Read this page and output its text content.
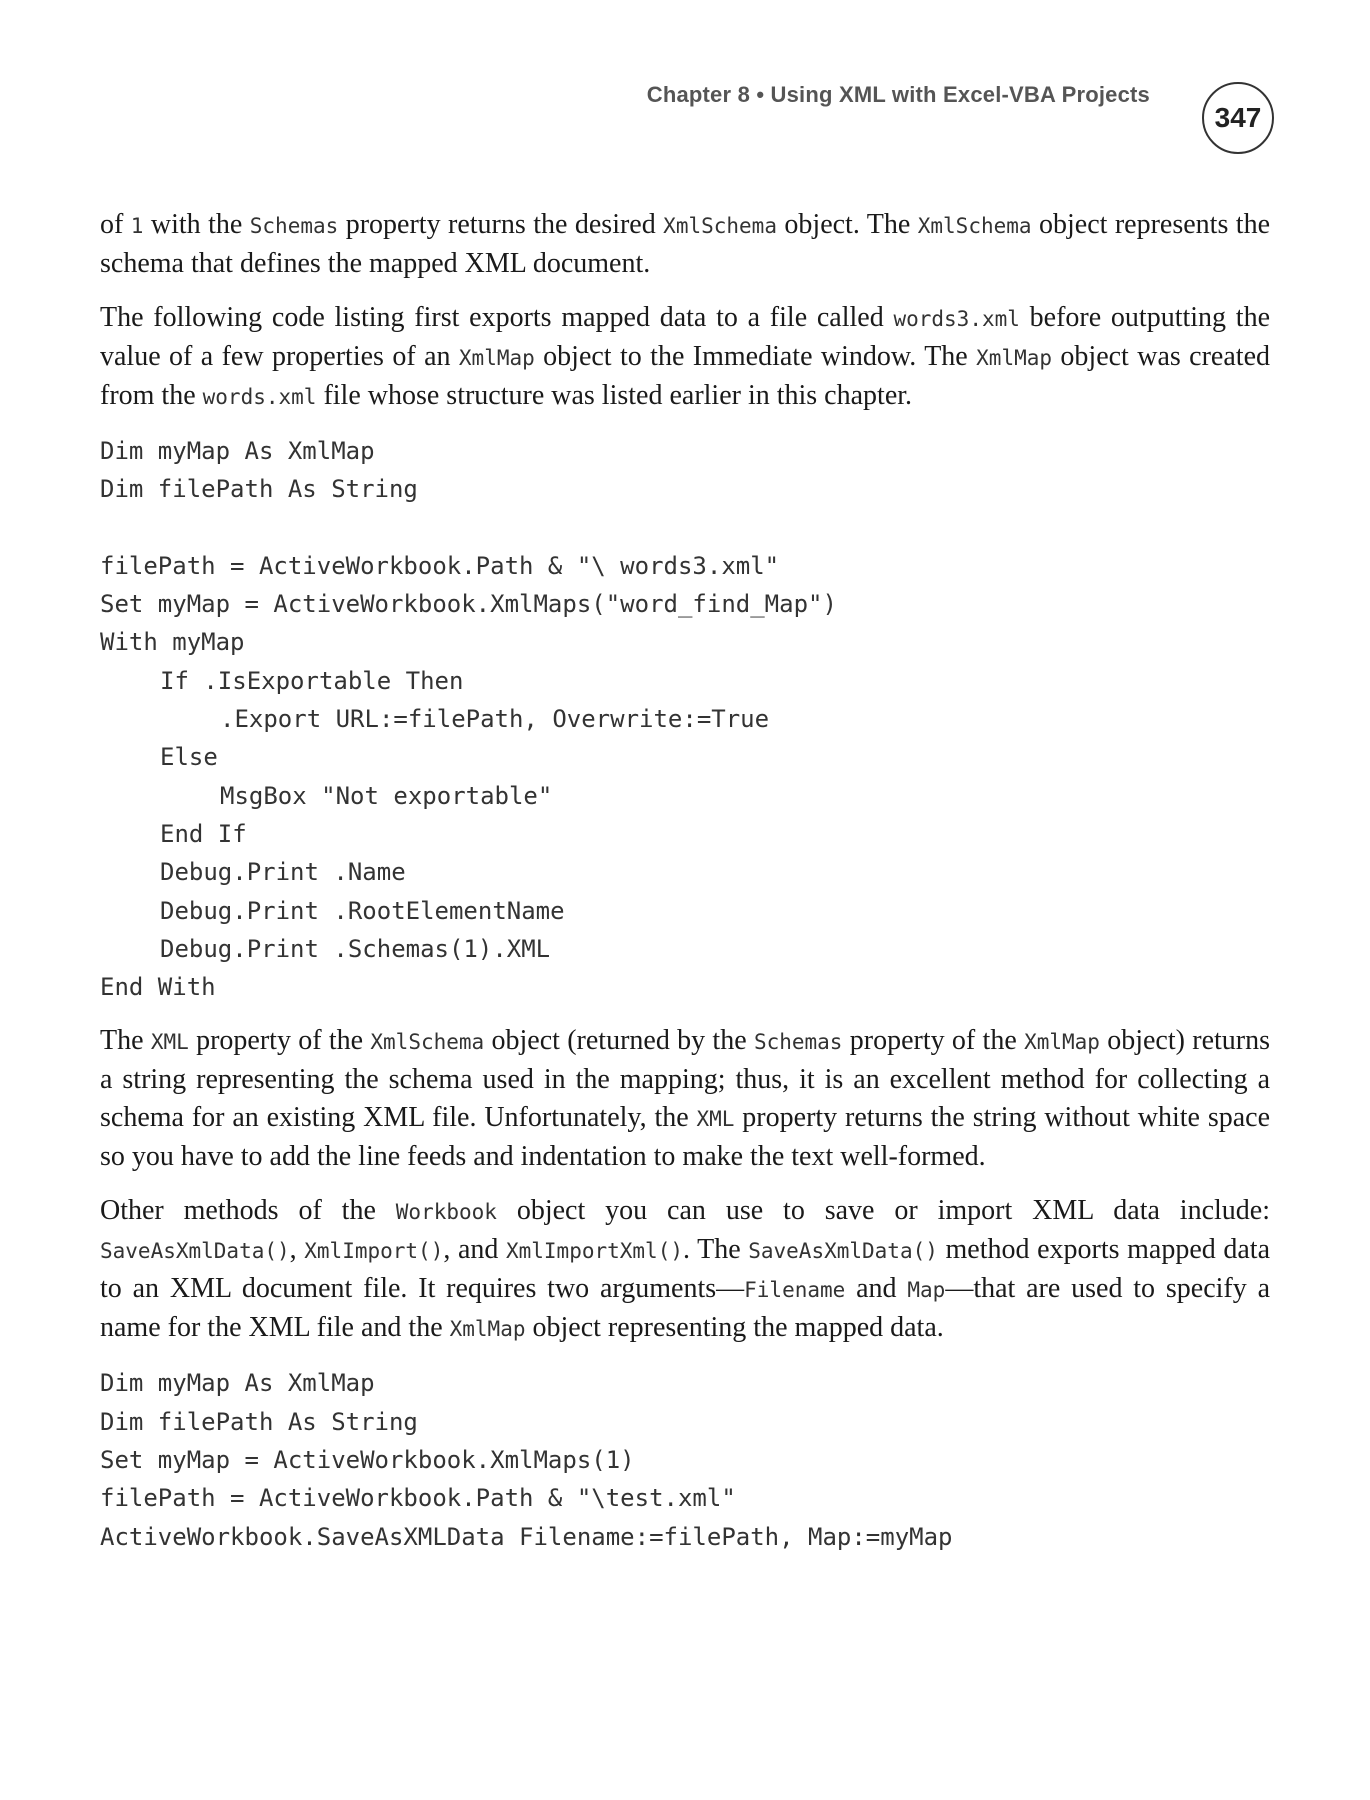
Chapter 8 • Using XML with Excel-VBA Projects
347

of 1 with the Schemas property returns the desired XmlSchema object. The XmlSchema object represents the schema that defines the mapped XML document.

The following code listing first exports mapped data to a file called words3.xml before outputting the value of a few properties of an XmlMap object to the Immediate window. The XmlMap object was created from the words.xml file whose structure was listed earlier in this chapter.

Dim myMap As XmlMap
Dim filePath As String
filePath = ActiveWorkbook.Path & "\ words3.xml"
Set myMap = ActiveWorkbook.XmlMaps("word_find_Map")
With myMap
If .IsExportable Then
.Export URL:=filePath, Overwrite:=True
Else
MsgBox "Not exportable"
End If
Debug.Print .Name
Debug.Print .RootElementName
Debug.Print .Schemas(1).XML
End With

The XML property of the XmlSchema object (returned by the Schemas property of the XmlMap object) returns a string representing the schema used in the mapping; thus, it is an excellent method for collecting a schema for an existing XML file. Unfortunately, the XML property returns the string without white space so you have to add the line feeds and indentation to make the text well-formed.

Other methods of the Workbook object you can use to save or import XML data include: SaveAsXmlData(), XmlImport(), and XmlImportXml(). The SaveAsXmlData() method exports mapped data to an XML document file. It requires two arguments—Filename and Map—that are used to specify a name for the XML file and the XmlMap object representing the mapped data.

Dim myMap As XmlMap
Dim filePath As String
Set myMap = ActiveWorkbook.XmlMaps(1)
filePath = ActiveWorkbook.Path & "\test.xml"
ActiveWorkbook.SaveAsXMLData Filename:=filePath, Map:=myMap
